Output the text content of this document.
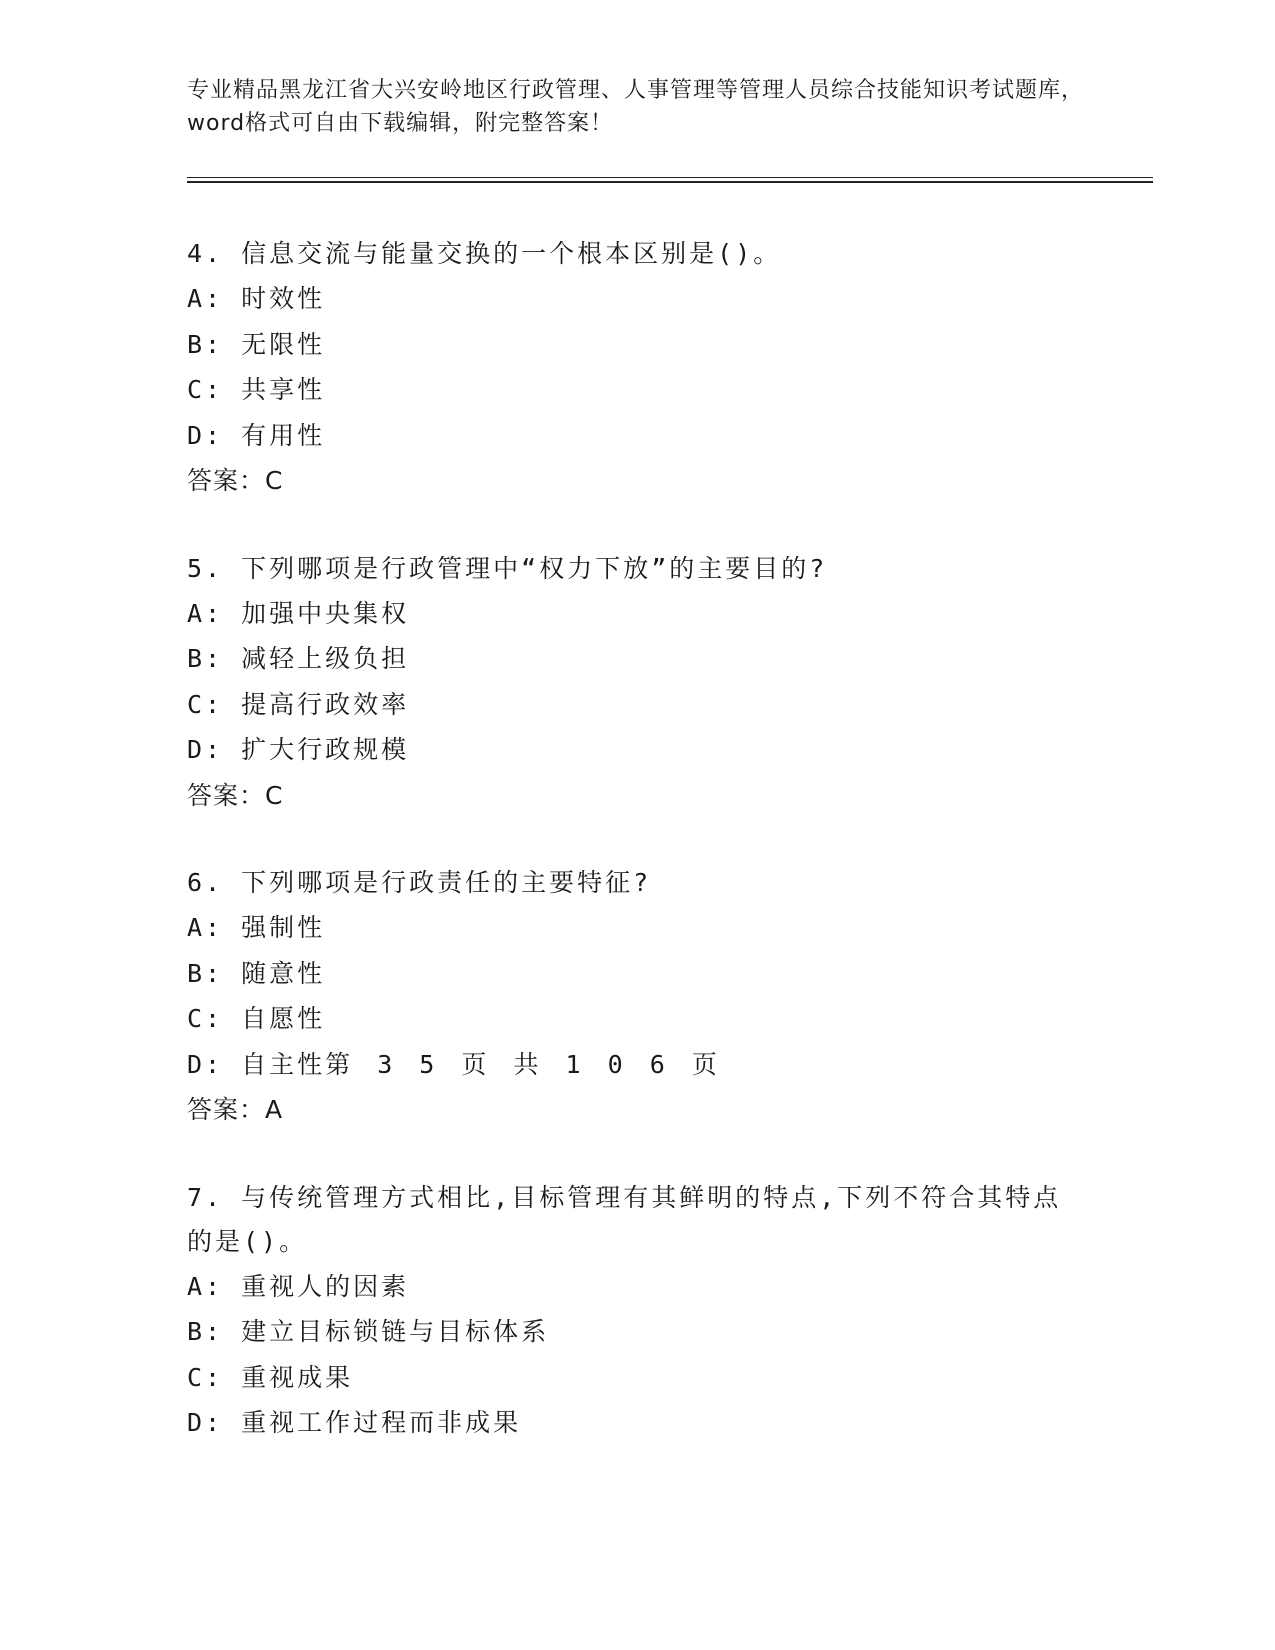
专业精品黑龙江省大兴安岭地区行政管理、人事管理等管理人员综合技能知识考试题库，word格式可自由下载编辑，附完整答案！
4. 信息交流与能量交换的一个根本区别是()。
A: 时效性
B: 无限性
C: 共享性
D: 有用性
答案：C
5. 下列哪项是行政管理中“权力下放”的主要目的?
A: 加强中央集权
B: 减轻上级负担
C: 提高行政效率
D: 扩大行政规模
答案：C
6. 下列哪项是行政责任的主要特征?
A: 强制性
B: 随意性
C: 自愿性
D: 自主性第 3 5 页 共 1 0 6 页
答案：A
7. 与传统管理方式相比,目标管理有其鲜明的特点,下列不符合其特点的是()。
A: 重视人的因素
B: 建立目标锁链与目标体系
C: 重视成果
D: 重视工作过程而非成果
